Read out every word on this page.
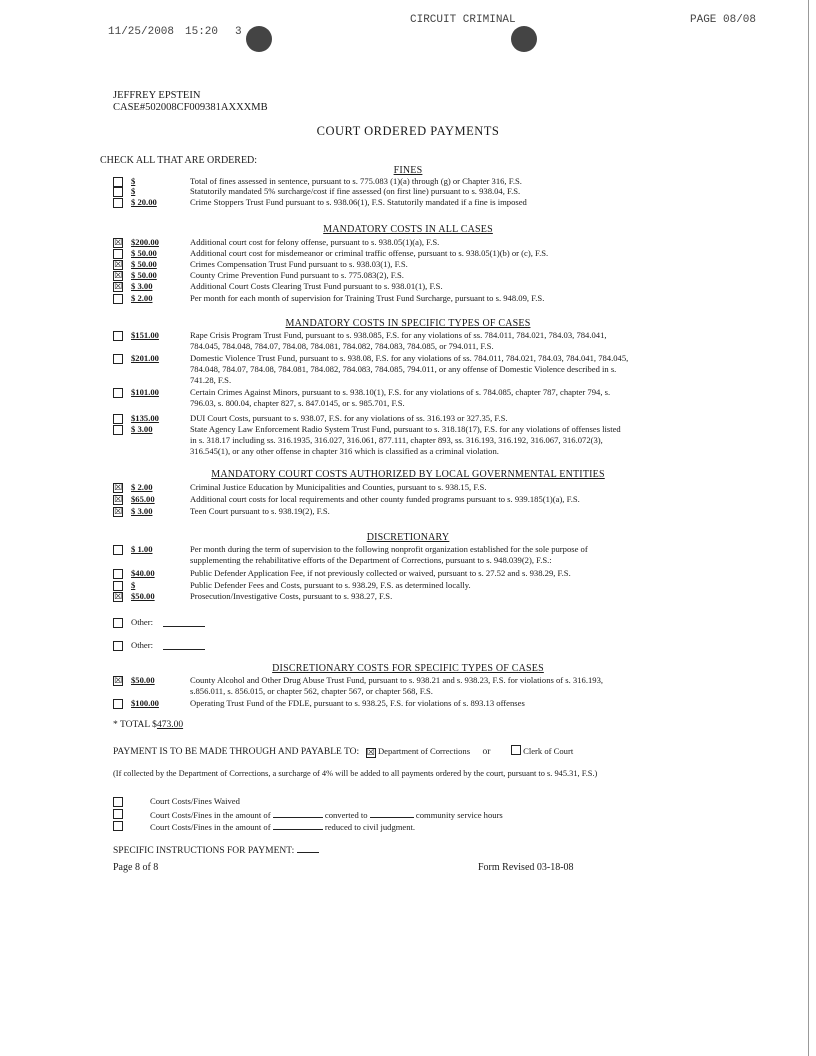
11/25/2008 15:20 3
CIRCUIT CRIMINAL	PAGE 08/08
JEFFREY EPSTEIN
CASE#502008CF009381AXXXMB
COURT ORDERED PAYMENTS
CHECK ALL THAT ARE ORDERED:
FINES
MANDATORY COSTS IN ALL CASES
MANDATORY COSTS IN SPECIFIC TYPES OF CASES
MANDATORY COURT COSTS AUTHORIZED BY LOCAL GOVERNMENTAL ENTITIES
DISCRETIONARY
DISCRETIONARY COSTS FOR SPECIFIC TYPES OF CASES
$	Total of fines assessed in sentence, pursuant to s. 775.083 (1)(a) through (g) or Chapter 316, F.S.
$	Statutorily mandated 5% surcharge/cost if fine assessed (on first line) pursuant to s. 938.04, F.S.
$ 20.00	Crime Stoppers Trust Fund pursuant to s. 938.06(1), F.S. Statutorily mandated if a fine is imposed
☒ $200.00	Additional court cost for felony offense, pursuant to s. 938.05(1)(a), F.S.
$ 50.00	Additional court cost for misdemeanor or criminal traffic offense, pursuant to s. 938.05(1)(b) or (c), F.S.
☒ $ 50.00	Crimes Compensation Trust Fund pursuant to s. 938.03(1), F.S.
☒ $ 50.00	County Crime Prevention Fund pursuant to s. 775.083(2), F.S.
☒ $ 3.00	Additional Court Costs Clearing Trust Fund pursuant to s. 938.01(1), F.S.
$ 2.00	Per month for each month of supervision for Training Trust Fund Surcharge, pursuant to s. 948.09, F.S.
$151.00	Rape Crisis Program Trust Fund, pursuant to s. 938.085, F.S. for any violations of ss. 784.011, 784.021, 784.03, 784.041,
784.045, 784.048, 784.07, 784.08, 784.081, 784.082, 784.083, 784.085, or 794.011, F.S.
$201.00	Domestic Violence Trust Fund, pursuant to s. 938.08, F.S. for any violations of ss. 784.011, 784.021, 784.03, 784.041, 784.045,
784.048, 784.07, 784.08, 784.081, 784.082, 784.083, 784.085, 794.011, or any offense of Domestic Violence described in s.
741.28, F.S.
$101.00	Certain Crimes Against Minors, pursuant to s. 938.10(1), F.S. for any violations of s. 784.085, chapter 787, chapter 794, s.
796.03, s. 800.04, chapter 827, s. 847.0145, or s. 985.701, F.S.
$135.00	DUI Court Costs, pursuant to s. 938.07, F.S. for any violations of ss. 316.193 or 327.35, F.S.
$ 3.00	State Agency Law Enforcement Radio System Trust Fund, pursuant to s. 318.18(17), F.S. for any violations of offenses listed
in s. 318.17 including ss. 316.1935, 316.027, 316.061, 877.111, chapter 893, ss. 316.193, 316.192, 316.067, 316.072(3),
316.545(1), or any other offense in chapter 316 which is classified as a criminal violation.
☒ $ 2.00	Criminal Justice Education by Municipalities and Counties, pursuant to s. 938.15, F.S.
☒ $65.00	Additional court costs for local requirements and other county funded programs pursuant to s. 939.185(1)(a), F.S.
☒ $ 3.00	Teen Court pursuant to s. 938.19(2), F.S.
$ 1.00	Per month during the term of supervision to the following nonprofit organization established for the sole purpose of
supplementing the rehabilitative efforts of the Department of Corrections, pursuant to s. 948.039(2), F.S.:
$40.00	Public Defender Application Fee, if not previously collected or waived, pursuant to s. 27.52 and s. 938.29, F.S.
$	Public Defender Fees and Costs, pursuant to s. 938.29, F.S. as determined locally.
☒ $50.00	Prosecution/Investigative Costs, pursuant to s. 938.27, F.S.
Other:
Other:
☒ $50.00	County Alcohol and Other Drug Abuse Trust Fund, pursuant to s. 938.21 and s. 938.23, F.S. for violations of s. 316.193,
s.856.011, s. 856.015, or chapter 562, chapter 567, or chapter 568, F.S.
$100.00	Operating Trust Fund of the FDLE, pursuant to s. 938.25, F.S. for violations of s. 893.13 offenses
* TOTAL $473.00
PAYMENT IS TO BE MADE THROUGH AND PAYABLE TO: ☒ Department of Corrections or	Clerk of Court
(If collected by the Department of Corrections, a surcharge of 4% will be added to all payments ordered by the court, pursuant to s. 945.31, F.S.)
Court Costs/Fines Waived
Court Costs/Fines in the amount of	converted to	community service hours
Court Costs/Fines in the amount of	reduced to civil judgment.
SPECIFIC INSTRUCTIONS FOR PAYMENT:
Page 8 of 8	Form Revised 03-18-08
